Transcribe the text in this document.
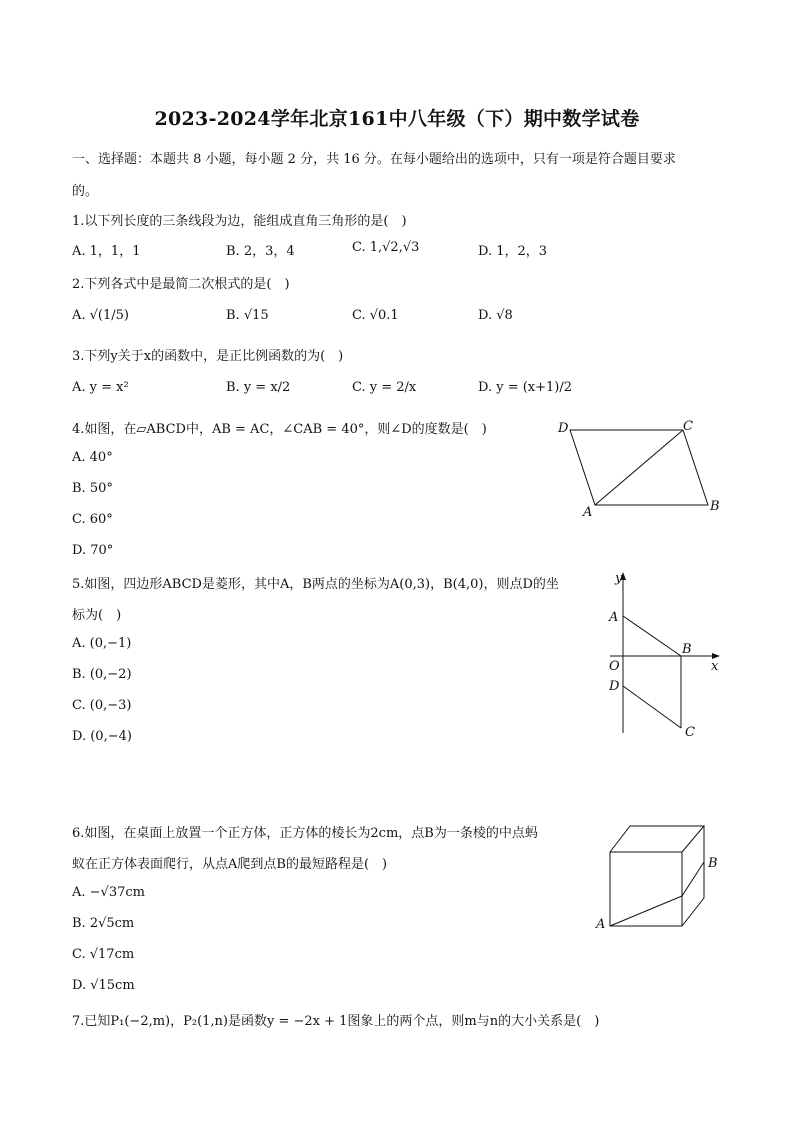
2023-2024学年北京161中八年级（下）期中数学试卷
一、选择题：本题共 8 小题，每小题 2 分，共 16 分。在每小题给出的选项中，只有一项是符合题目要求
的。
1.以下列长度的三条线段为边，能组成直角三角形的是(　)
A. 1，1，1	B. 2，3，4	C. 1,√2,√3	D. 1，2，3
2.下列各式中是最简二次根式的是(　)
A. √(1/5)	B. √15	C. √0.1	D. √8
3.下列y关于x的函数中，是正比例函数的为(　)
A. y = x²	B. y = x/2	C. y = 2/x	D. y = (x+1)/2
4.如图，在▱ABCD中，AB = AC，∠CAB = 40°，则∠D的度数是(　)
A. 40°
B. 50°
C. 60°
D. 70°
D	C
A	B
5.如图，四边形ABCD是菱形，其中A，B两点的坐标为A(0,3)，B(4,0)，则点D的坐
标为(　)
A. (0,−1)
B. (0,−2)
C. (0,−3)
D. (0,−4)
y
A
B
x
O
D
C
6.如图，在桌面上放置一个正方体，正方体的棱长为2cm，点B为一条棱的中点蚂
蚁在正方体表面爬行，从点A爬到点B的最短路程是(　)
A. −√37cm
B. 2√5cm
C. √17cm
D. √15cm
B
A
7.已知P₁(−2,m)，P₂(1,n)是函数y = −2x + 1图象上的两个点，则m与n的大小关系是(　)
